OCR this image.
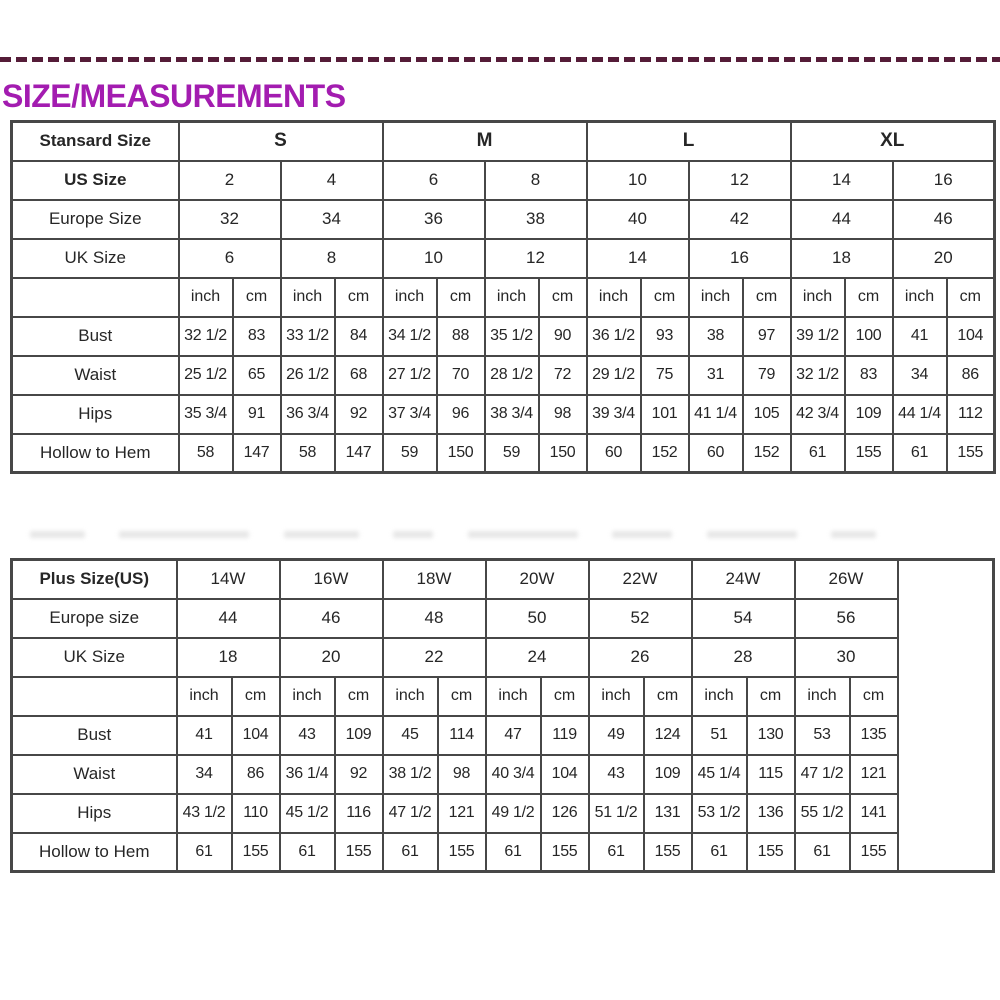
SIZE/MEASUREMENTS
Stansard Size	S				M				L				XL			
US Size	2		4		6		8		10		12		14		16	
Europe Size	32		34		36		38		40		42		44		46	
UK Size	6		8		10		12		14		16		18		20	
	inch	cm	inch	cm	inch	cm	inch	cm	inch	cm	inch	cm	inch	cm	inch	cm
Bust	32 1/2	83	33 1/2	84	34 1/2	88	35 1/2	90	36 1/2	93	38	97	39 1/2	100	41	104
Waist	25 1/2	65	26 1/2	68	27 1/2	70	28 1/2	72	29 1/2	75	31	79	32 1/2	83	34	86
Hips	35 3/4	91	36 3/4	92	37 3/4	96	38 3/4	98	39 3/4	101	41 1/4	105	42 3/4	109	44 1/4	112
Hollow to Hem	58	147	58	147	59	150	59	150	60	152	60	152	61	155	61	155

Plus Size(US)	14W		16W		18W		20W		22W		24W		26W		
Europe size	44		46		48		50		52		54		56		
UK Size	18		20		22		24		26		28		30		
	inch	cm	inch	cm	inch	cm	inch	cm	inch	cm	inch	cm	inch	cm	
Bust	41	104	43	109	45	114	47	119	49	124	51	130	53	135	
Waist	34	86	36 1/4	92	38 1/2	98	40 3/4	104	43	109	45 1/4	115	47 1/2	121	
Hips	43 1/2	110	45 1/2	116	47 1/2	121	49 1/2	126	51 1/2	131	53 1/2	136	55 1/2	141	
Hollow to Hem	61	155	61	155	61	155	61	155	61	155	61	155	61	155	
